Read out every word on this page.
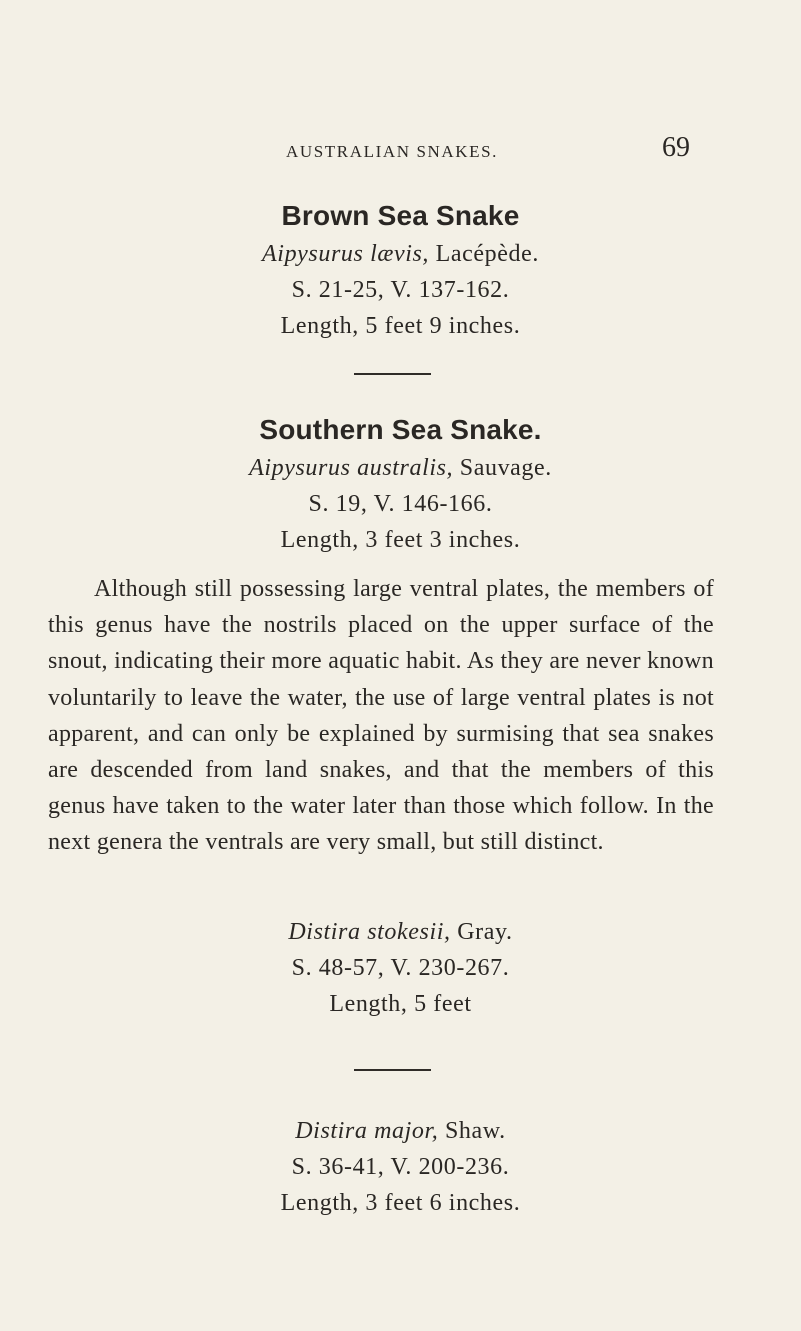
AUSTRALIAN SNAKES.	69
Brown Sea Snake
Aipysurus lævis, Lacépède.
S. 21-25, V. 137-162.
Length, 5 feet 9 inches.
Southern Sea Snake.
Aipysurus australis, Sauvage.
S. 19, V. 146-166.
Length, 3 feet 3 inches.
Although still possessing large ventral plates, the members of this genus have the nostrils placed on the upper surface of the snout, indicating their more aquatic habit. As they are never known voluntarily to leave the water, the use of large ventral plates is not apparent, and can only be explained by surmising that sea snakes are descended from land snakes, and that the members of this genus have taken to the water later than those which follow. In the next genera the ventrals are very small, but still distinct.
Distira stokesii, Gray.
S. 48-57, V. 230-267.
Length, 5 feet
Distira major, Shaw.
S. 36-41, V. 200-236.
Length, 3 feet 6 inches.
